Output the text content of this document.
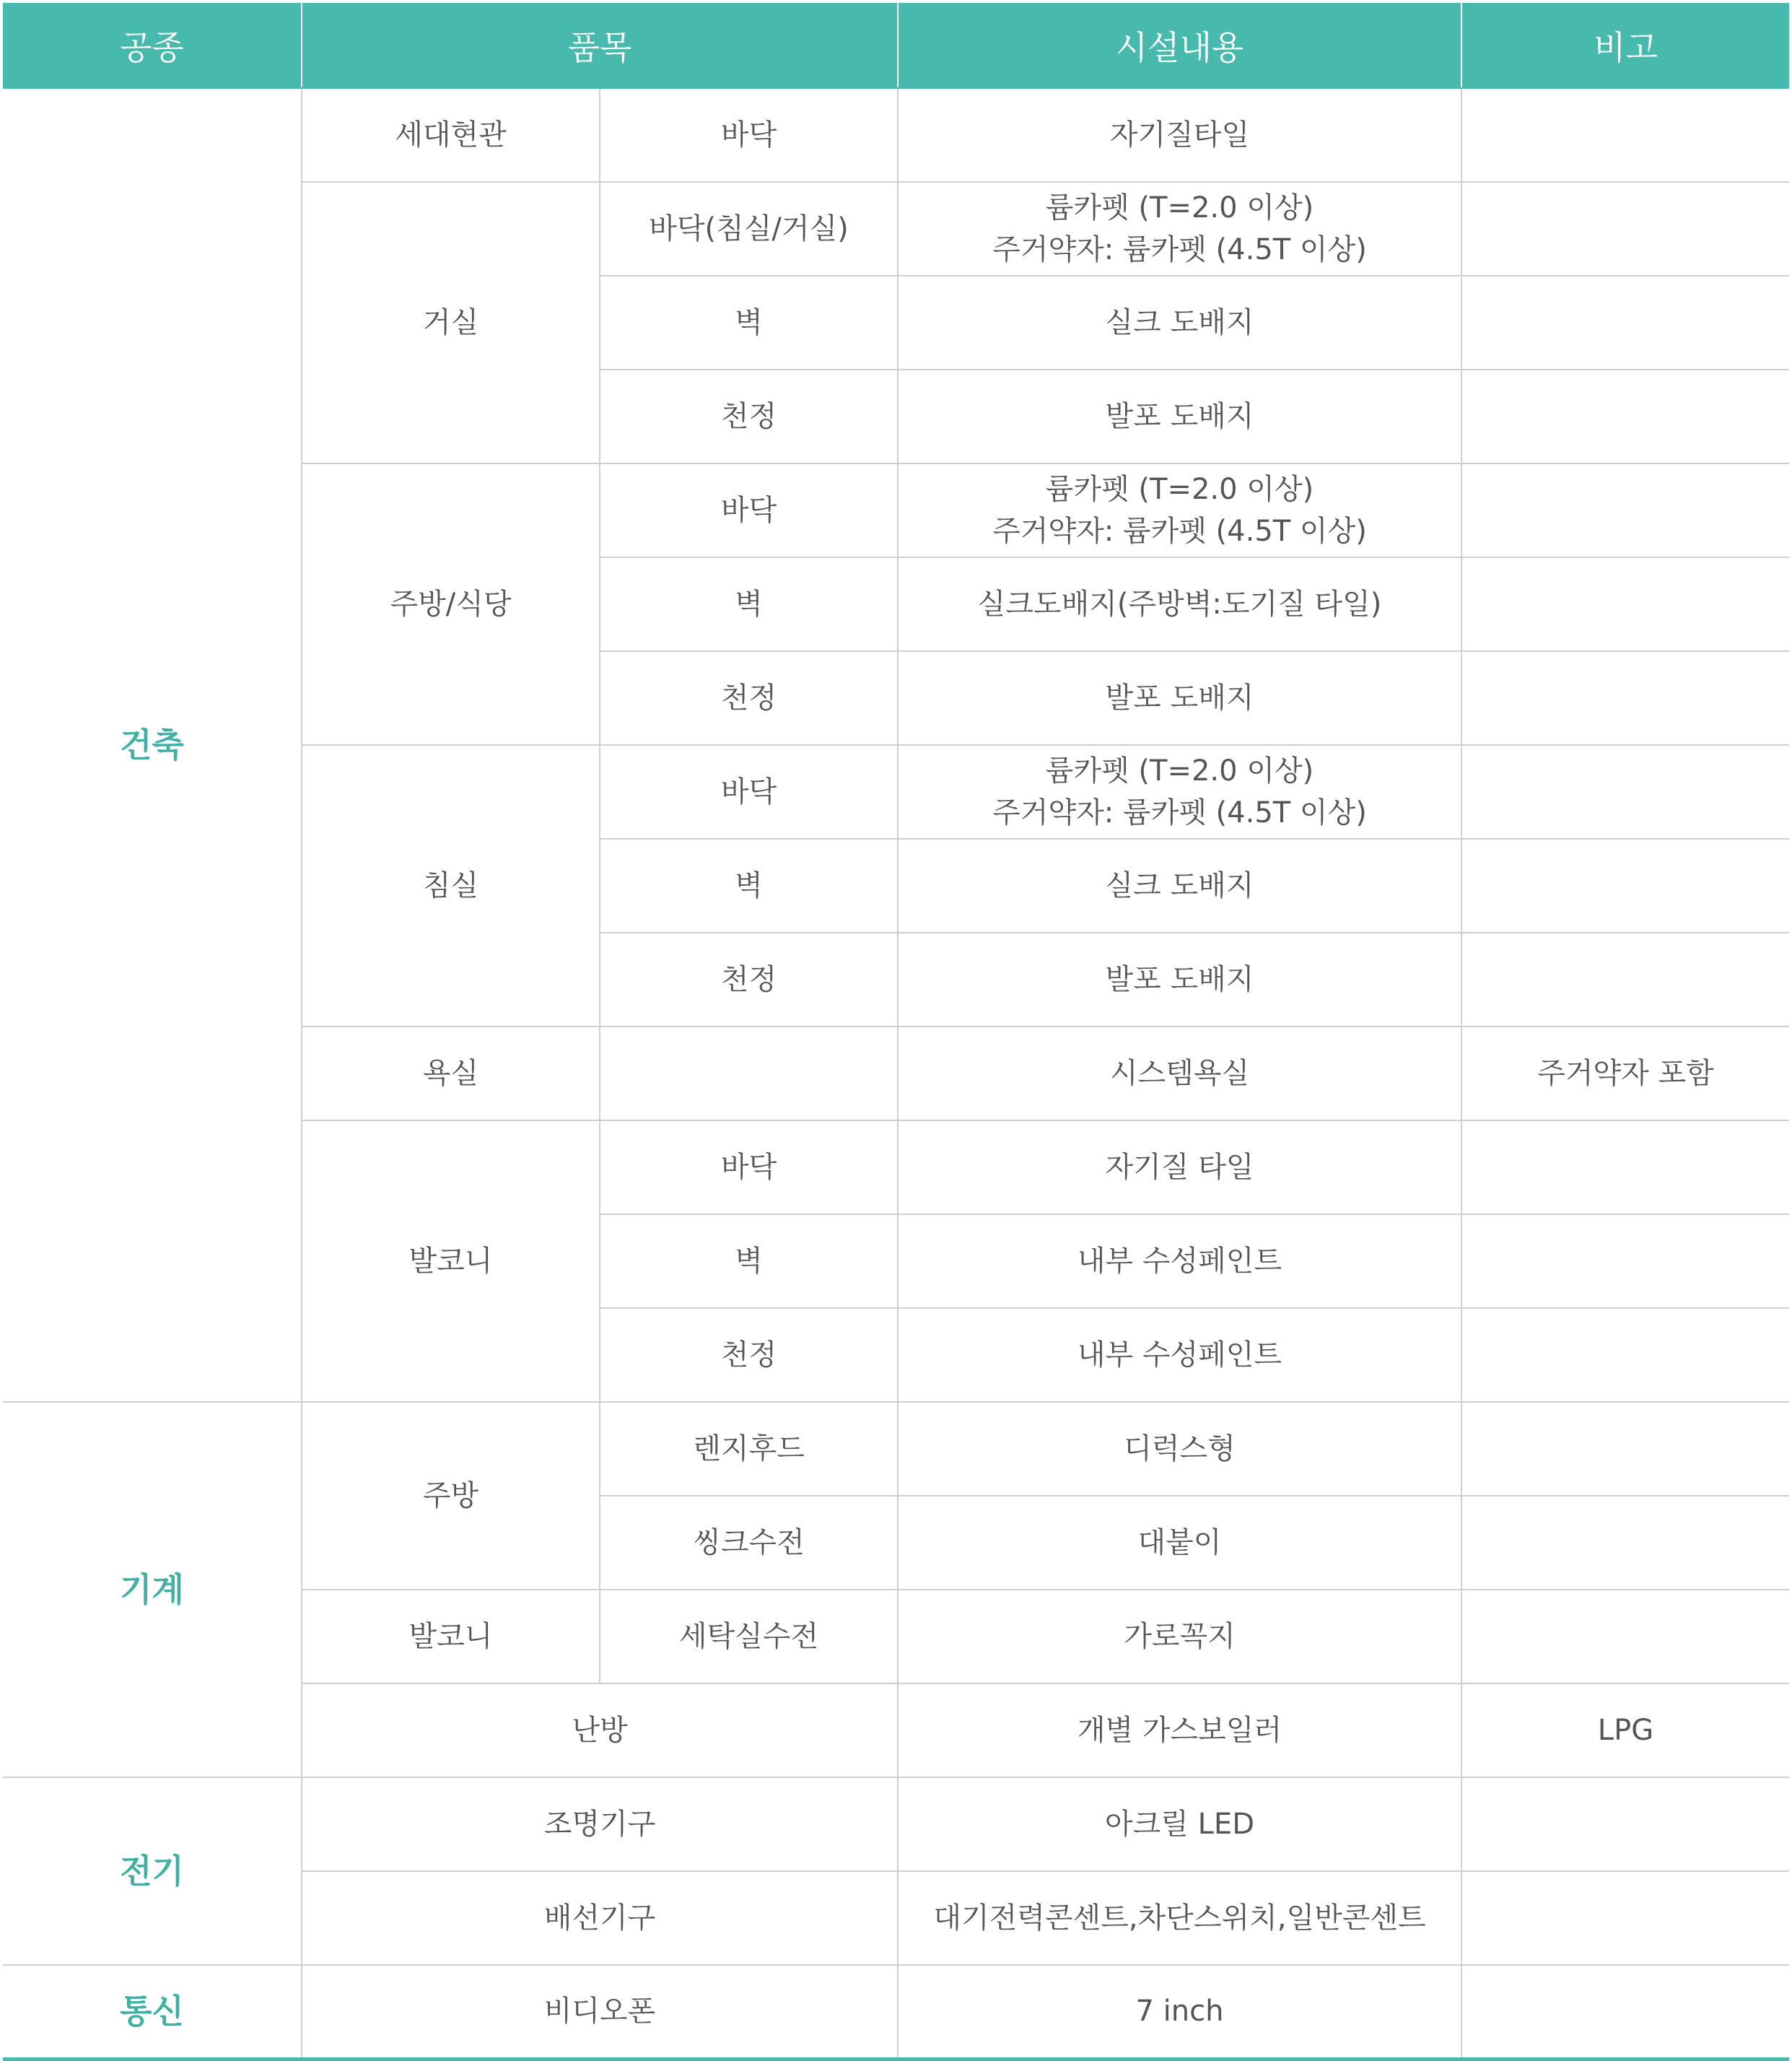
공종	품목		시설내용	비고
건축	세대현관	바닥	자기질타일	
	거실	바닥(침실/거실)	륨카펫 (T=2.0 이상)
주거약자: 륨카펫 (4.5T 이상)	

		벽	실크 도배지	
		천정	발포 도배지	
	주방/식당	바닥	륨카펫 (T=2.0 이상)
주거약자: 륨카펫 (4.5T 이상)	

		벽	실크도배지(주방벽:도기질 타일)	
		천정	발포 도배지	
	침실	바닥	륨카펫 (T=2.0 이상)
주거약자: 륨카펫 (4.5T 이상)	

		벽	실크 도배지	
		천정	발포 도배지	
	욕실		시스템욕실	주거약자 포함
	발코니	바닥	자기질 타일	
		벽	내부 수성페인트	
		천정	내부 수성페인트	
기계	주방	렌지후드	디럭스형	
		씽크수전	대붙이	
	발코니	세탁실수전	가로꼭지	
	난방		개별 가스보일러	LPG
전기	조명기구		아크릴 LED	
	배선기구		대기전력콘센트,차단스위치,일반콘센트	
통신	비디오폰		7 inch	
